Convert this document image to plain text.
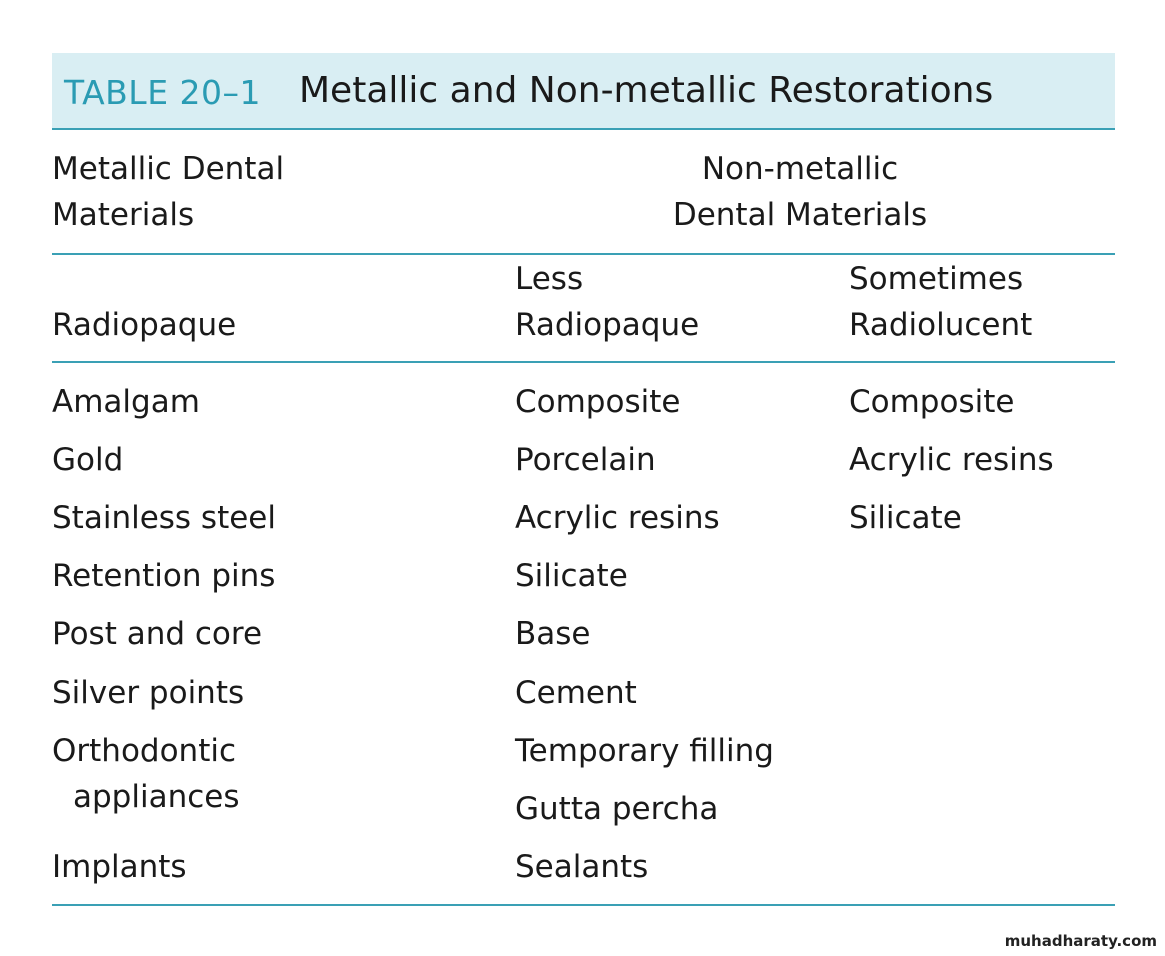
TABLE 20–1 Metallic and Non-metallic Restorations
Metallic Dental
Materials
Non-metallic
Dental Materials
Radiopaque
Less
Radiopaque
Sometimes
Radiolucent
Amalgam
Gold
Stainless steel
Retention pins
Post and core
Silver points
Orthodontic
appliances
Implants
Composite
Porcelain
Acrylic resins
Silicate
Base
Cement
Temporary filling
Gutta percha
Sealants
Composite
Acrylic resins
Silicate
muhadharaty.com
